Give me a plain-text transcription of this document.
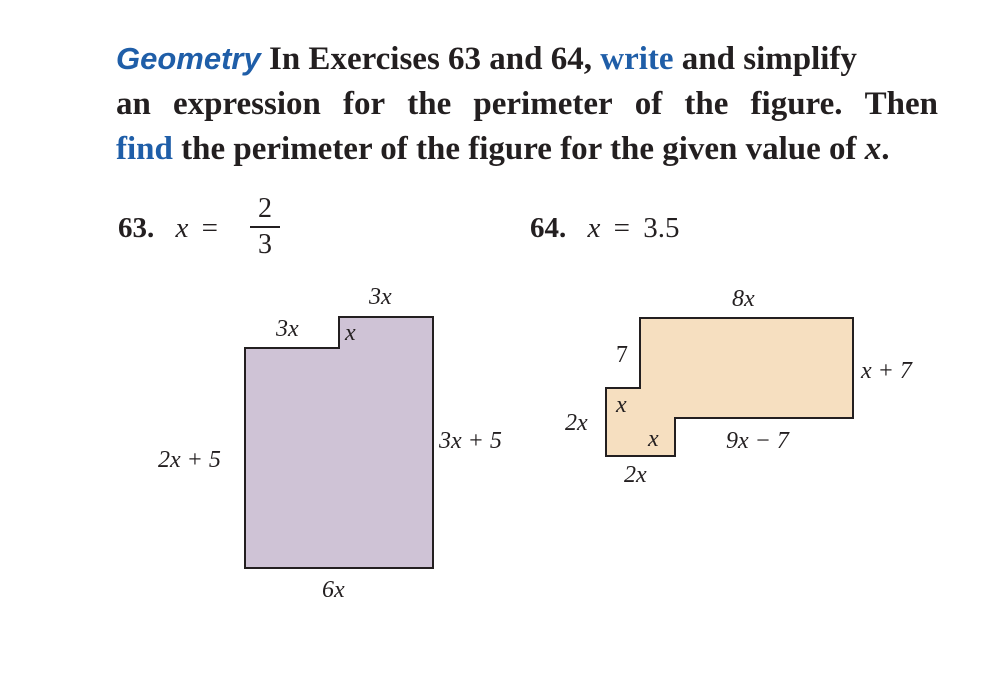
Geometry In Exercises 63 and 64, write and simplify
an expression for the perimeter of the figure. Then
find the perimeter of the figure for the given value of x.
63. x =
2
3
64. x = 3.5
3x
3x
x
2x + 5
3x + 5
6x
8x
x + 7
9x − 7
7
x
2x
x
2x
